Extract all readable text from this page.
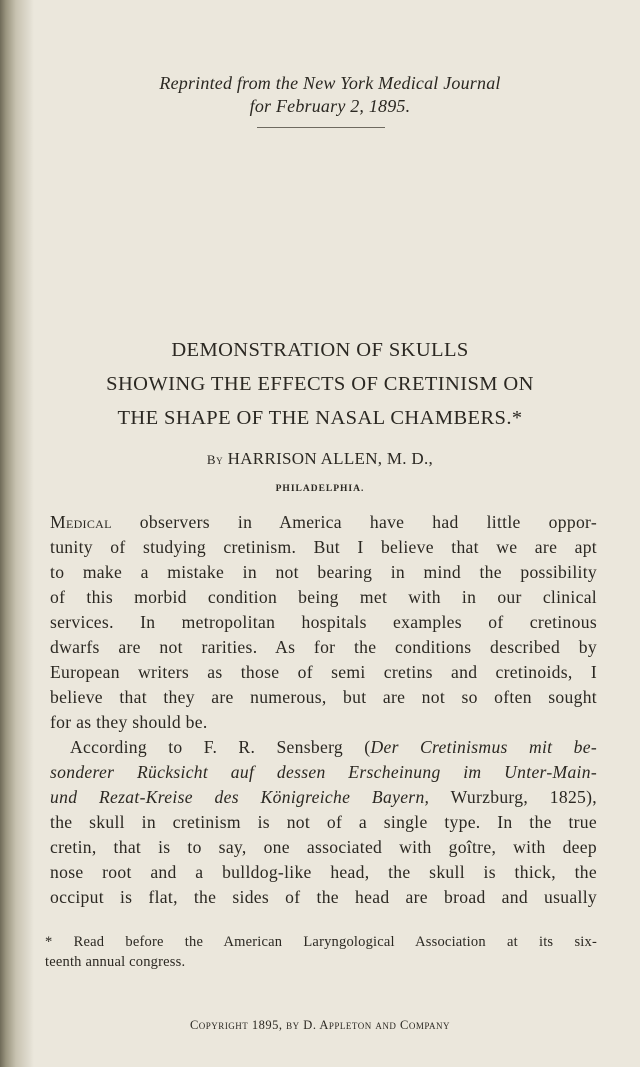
Reprinted from the New York Medical Journal
for February 2, 1895.
DEMONSTRATION OF SKULLS
SHOWING THE EFFECTS OF CRETINISM ON
THE SHAPE OF THE NASAL CHAMBERS.*
By HARRISON ALLEN, M. D.,
PHILADELPHIA.
Medical observers in America have had little oppor-
tunity of studying cretinism. But I believe that we are apt
to make a mistake in not bearing in mind the possibility
of this morbid condition being met with in our clinical
services. In metropolitan hospitals examples of cretinous
dwarfs are not rarities. As for the conditions described by
European writers as those of semi cretins and cretinoids, I
believe that they are numerous, but are not so often sought
for as they should be.
According to F. R. Sensberg (Der Cretinismus mit be-
sonderer Rücksicht auf dessen Erscheinung im Unter-Main-
und Rezat-Kreise des Königreiche Bayern, Wurzburg, 1825),
the skull in cretinism is not of a single type. In the true
cretin, that is to say, one associated with goître, with deep
nose root and a bulldog-like head, the skull is thick, the
occiput is flat, the sides of the head are broad and usually
* Read before the American Laryngological Association at its six-
teenth annual congress.
Copyright 1895, by D. Appleton and Company
